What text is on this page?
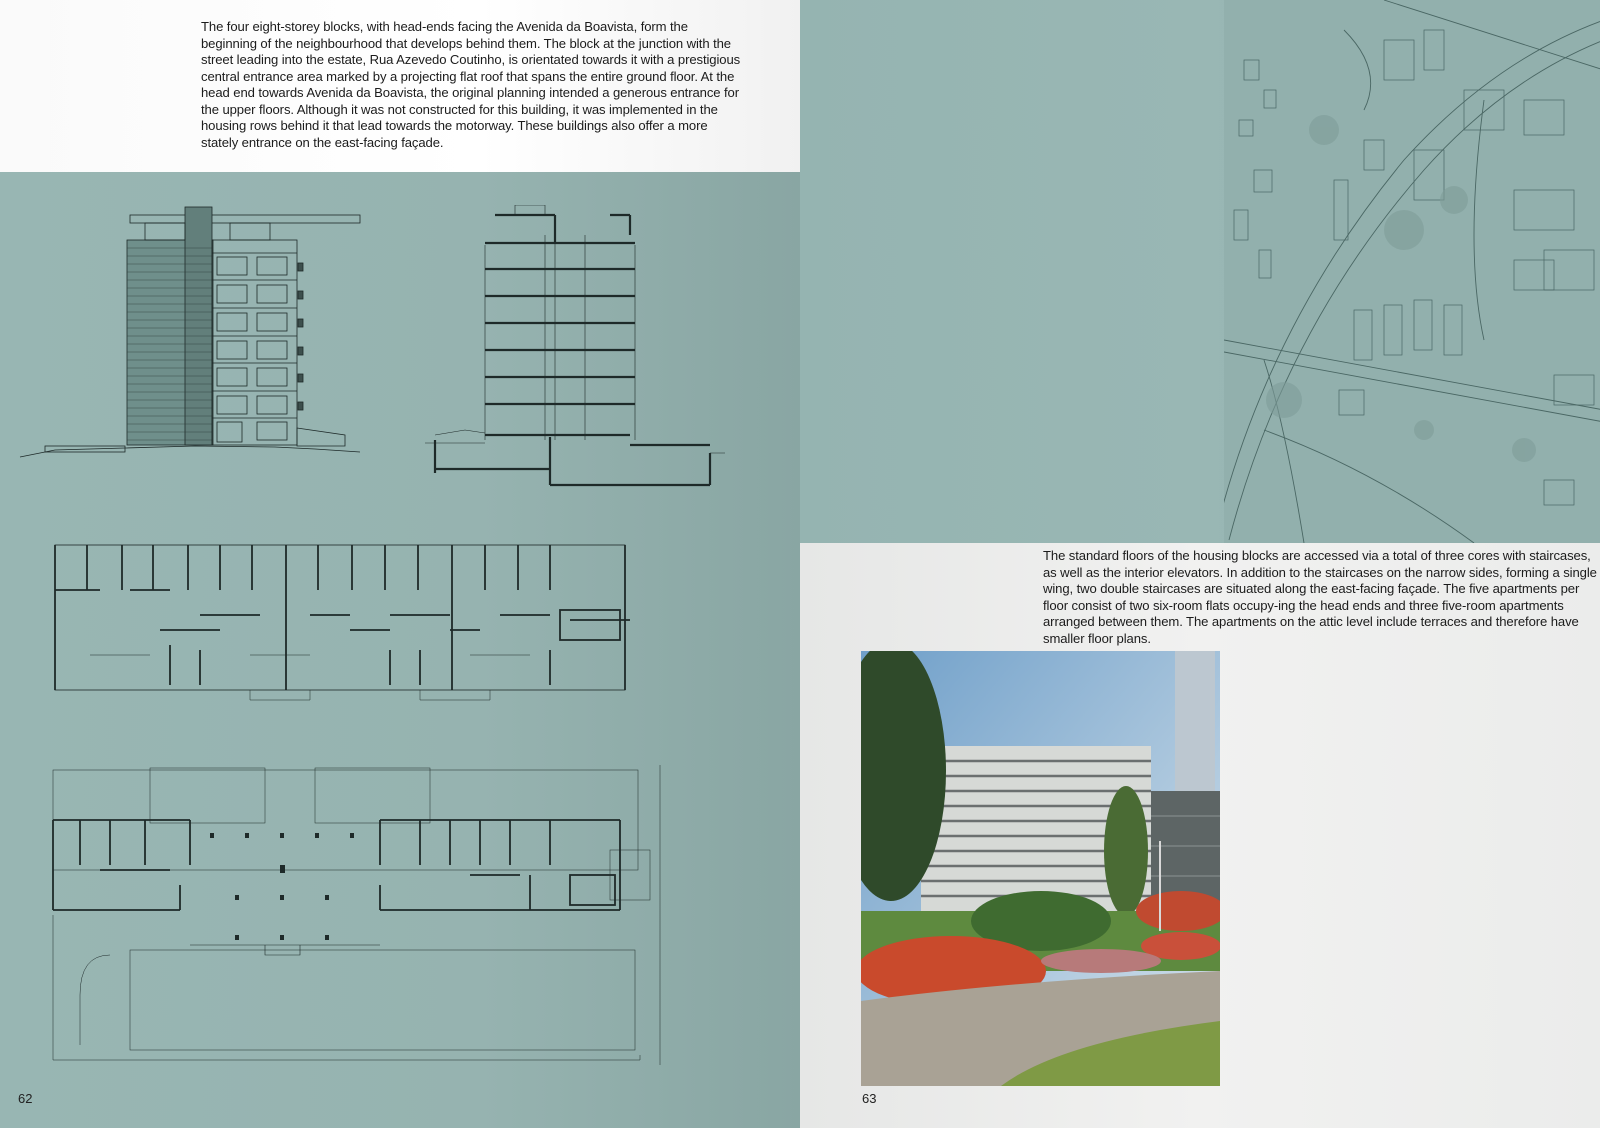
The four eight-storey blocks, with head-ends facing the Avenida da Boavista, form the beginning of the neighbourhood that develops behind them. The block at the junction with the street leading into the estate, Rua Azevedo Coutinho, is orientated towards it with a prestigious central entrance area marked by a projecting flat roof that spans the entire ground floor. At the head end towards Avenida da Boavista, the original planning intended a generous entrance for the upper floors. Although it was not constructed for this building, it was implemented in the housing rows behind it that lead towards the motorway. These buildings also offer a more stately entrance on the east-facing façade.

62

The standard floors of the housing blocks are accessed via a total of three cores with staircases, as well as the interior elevators. In addition to the staircases on the narrow sides, forming a single wing, two double staircases are situated along the east-facing façade. The five apartments per floor consist of two six-room flats occupy-ing the head ends and three five-room apartments arranged between them. The apartments on the attic level include terraces and therefore have smaller floor plans.

63
